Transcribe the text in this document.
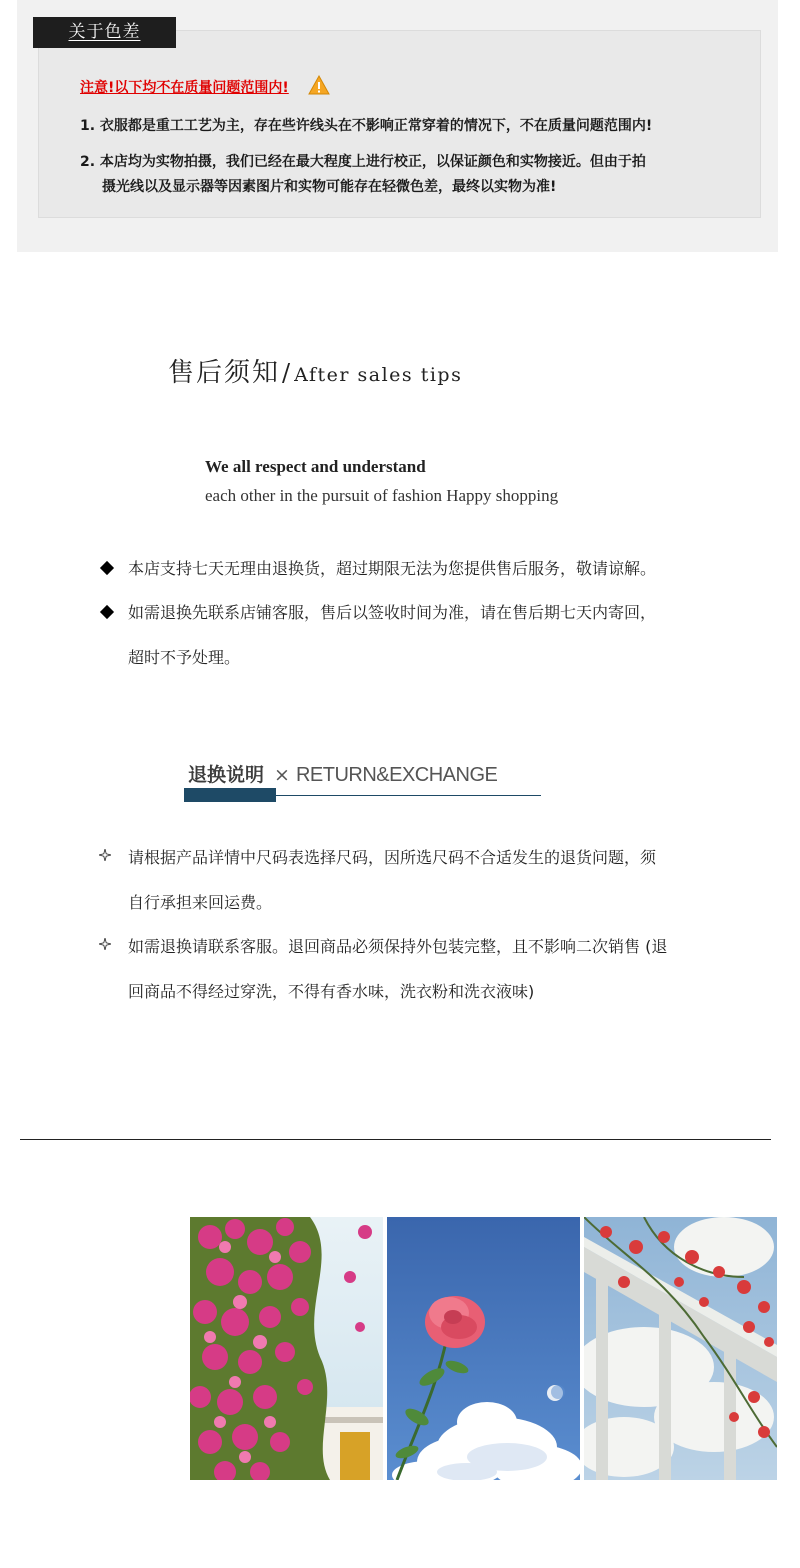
关于色差
注意!以下均不在质量问题范围内!
1. 衣服都是重工工艺为主，存在些许线头在不影响正常穿着的情况下，不在质量问题范围内!
2. 本店均为实物拍摄，我们已经在最大程度上进行校正，以保证颜色和实物接近。但由于拍
摄光线以及显示器等因素图片和实物可能存在轻微色差，最终以实物为准!
售后须知/ After sales tips
We all respect and understand
each other in the pursuit of fashion Happy shopping
本店支持七天无理由退换货，超过期限无法为您提供售后服务，敬请谅解。
如需退换先联系店铺客服，售后以签收时间为准，请在售后期七天内寄回，
超时不予处理。
退换说明 × RETURN&EXCHANGE
请根据产品详情中尺码表选择尺码，因所选尺码不合适发生的退货问题，须
自行承担来回运费。
如需退换请联系客服。退回商品必须保持外包装完整，且不影响二次销售 (退
回商品不得经过穿洗，不得有香水味，洗衣粉和洗衣液味)
